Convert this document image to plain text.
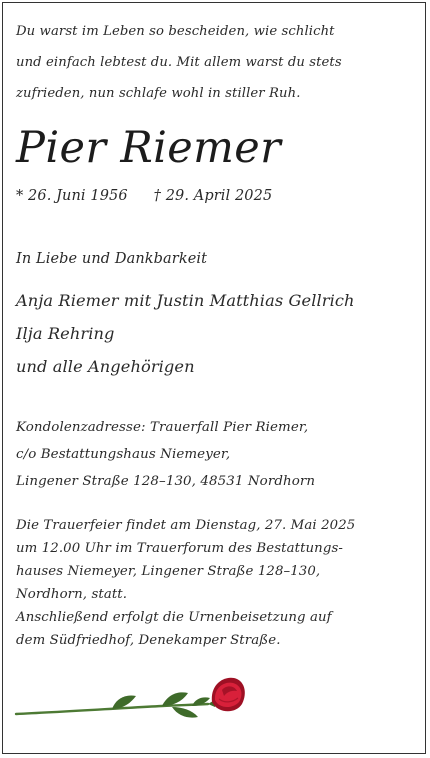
Du warst im Leben so bescheiden, wie schlicht
und einfach lebtest du. Mit allem warst du stets
zufrieden, nun schlafe wohl in stiller Ruh.
Pier Riemer
* 26. Juni 1956 † 29. April 2025
In Liebe und Dankbarkeit
Anja Riemer mit Justin Matthias Gellrich
Ilja Rehring
und alle Angehörigen
Kondolenzadresse: Trauerfall Pier Riemer,
c/o Bestattungshaus Niemeyer,
Lingener Straße 128–130, 48531 Nordhorn
Die Trauerfeier findet am Dienstag, 27. Mai 2025
um 12.00 Uhr im Trauerforum des Bestattungs-
hauses Niemeyer, Lingener Straße 128–130,
Nordhorn, statt.
Anschließend erfolgt die Urnenbeisetzung auf
dem Südfriedhof, Denekamper Straße.
